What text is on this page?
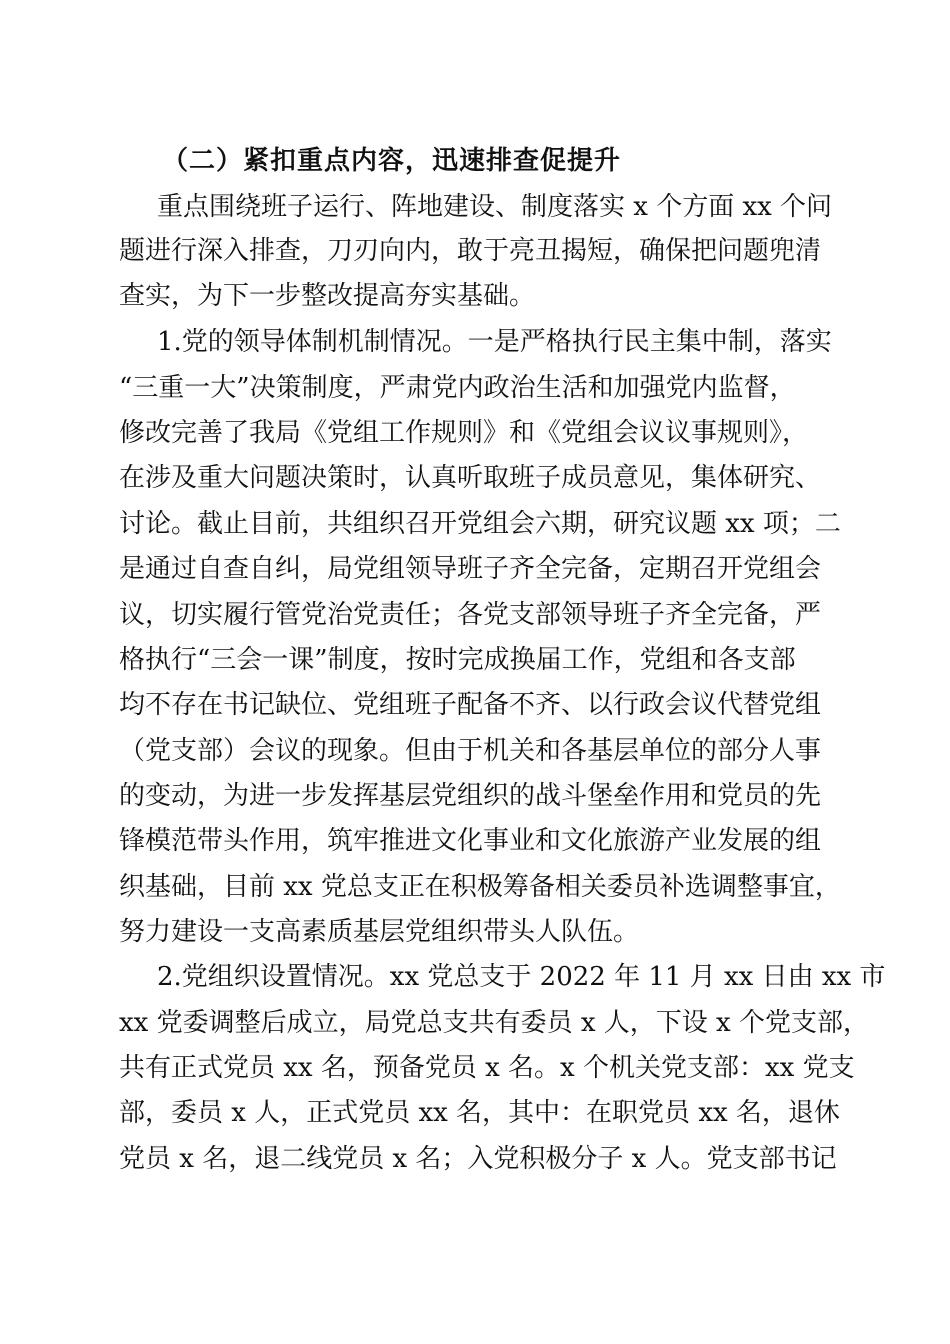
（二）紧扣重点内容，迅速排查促提升
重点围绕班子运行、阵地建设、制度落实 x 个方面 xx 个问
题进行深入排查，刀刃向内，敢于亮丑揭短，确保把问题兜清
查实，为下一步整改提高夯实基础。
1.党的领导体制机制情况。一是严格执行民主集中制，落实
“三重一大”决策制度，严肃党内政治生活和加强党内监督，
修改完善了我局《党组工作规则》和《党组会议议事规则》，
在涉及重大问题决策时，认真听取班子成员意见，集体研究、
讨论。截止目前，共组织召开党组会六期，研究议题 xx 项；二
是通过自查自纠，局党组领导班子齐全完备，定期召开党组会
议，切实履行管党治党责任；各党支部领导班子齐全完备，严
格执行“三会一课”制度，按时完成换届工作，党组和各支部
均不存在书记缺位、党组班子配备不齐、以行政会议代替党组
（党支部）会议的现象。但由于机关和各基层单位的部分人事
的变动，为进一步发挥基层党组织的战斗堡垒作用和党员的先
锋模范带头作用，筑牢推进文化事业和文化旅游产业发展的组
织基础，目前 xx 党总支正在积极筹备相关委员补选调整事宜，
努力建设一支高素质基层党组织带头人队伍。
2.党组织设置情况。xx 党总支于 2022 年 11 月 xx 日由 xx 市
xx 党委调整后成立，局党总支共有委员 x 人，下设 x 个党支部，
共有正式党员 xx 名，预备党员 x 名。x 个机关党支部：xx 党支
部，委员 x 人，正式党员 xx 名，其中：在职党员 xx 名，退休
党员 x 名，退二线党员 x 名；入党积极分子 x 人。党支部书记
